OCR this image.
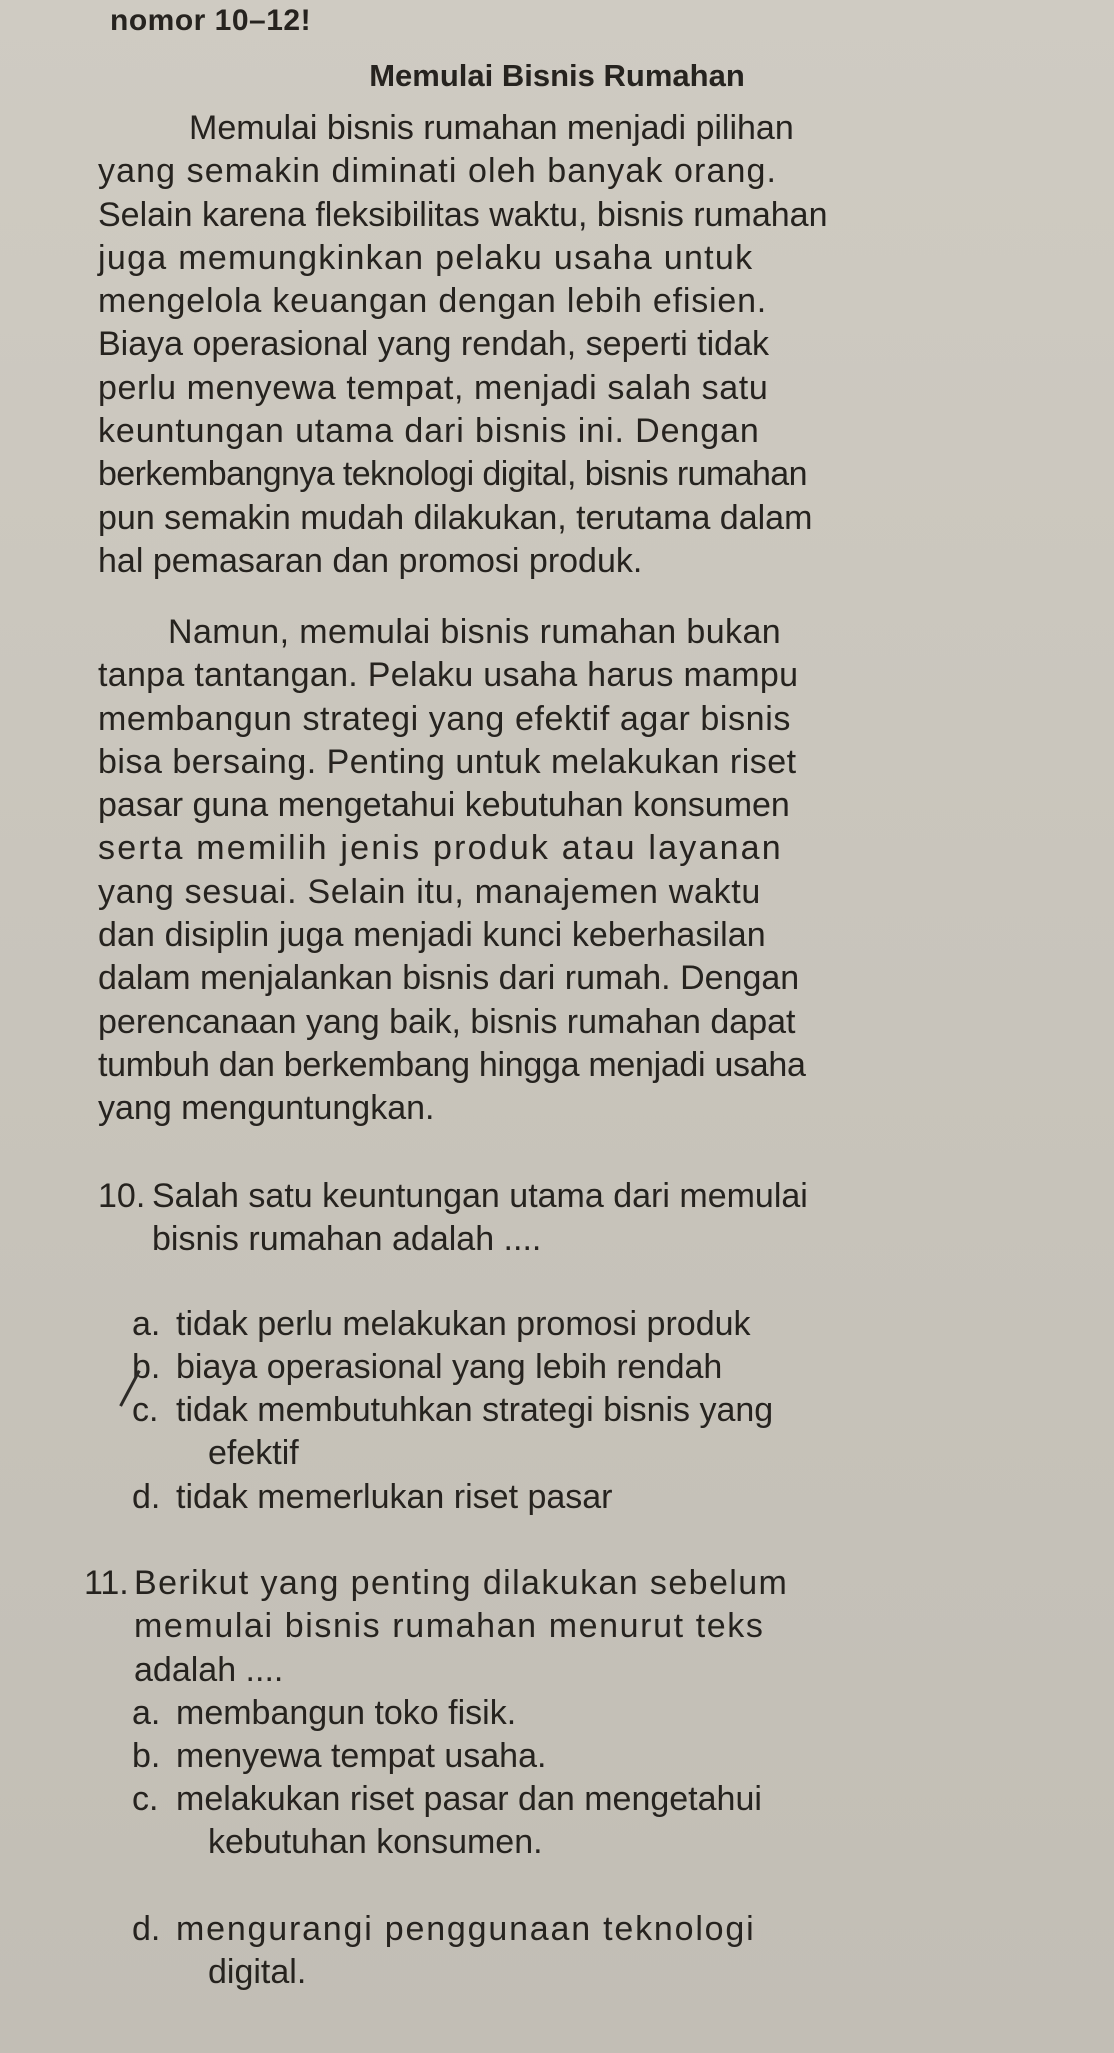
nomor 10–12!
Memulai Bisnis Rumahan
Memulai bisnis rumahan menjadi pilihan
yang semakin diminati oleh banyak orang.
Selain karena fleksibilitas waktu, bisnis rumahan
juga memungkinkan pelaku usaha untuk
mengelola keuangan dengan lebih efisien.
Biaya operasional yang rendah, seperti tidak
perlu menyewa tempat, menjadi salah satu
keuntungan utama dari bisnis ini. Dengan
berkembangnya teknologi digital, bisnis rumahan
pun semakin mudah dilakukan, terutama dalam
hal pemasaran dan promosi produk.
Namun, memulai bisnis rumahan bukan
tanpa tantangan. Pelaku usaha harus mampu
membangun strategi yang efektif agar bisnis
bisa bersaing. Penting untuk melakukan riset
pasar guna mengetahui kebutuhan konsumen
serta memilih jenis produk atau layanan
yang sesuai. Selain itu, manajemen waktu
dan disiplin juga menjadi kunci keberhasilan
dalam menjalankan bisnis dari rumah. Dengan
perencanaan yang baik, bisnis rumahan dapat
tumbuh dan berkembang hingga menjadi usaha
yang menguntungkan.
10. Salah satu keuntungan utama dari memulai
bisnis rumahan adalah ....
a. tidak perlu melakukan promosi produk
b. biaya operasional yang lebih rendah
c. tidak membutuhkan strategi bisnis yang
efektif
d. tidak memerlukan riset pasar
11. Berikut yang penting dilakukan sebelum
memulai bisnis rumahan menurut teks
adalah ....
a. membangun toko fisik.
b. menyewa tempat usaha.
c. melakukan riset pasar dan mengetahui
kebutuhan konsumen.
d. mengurangi penggunaan teknologi
digital.
